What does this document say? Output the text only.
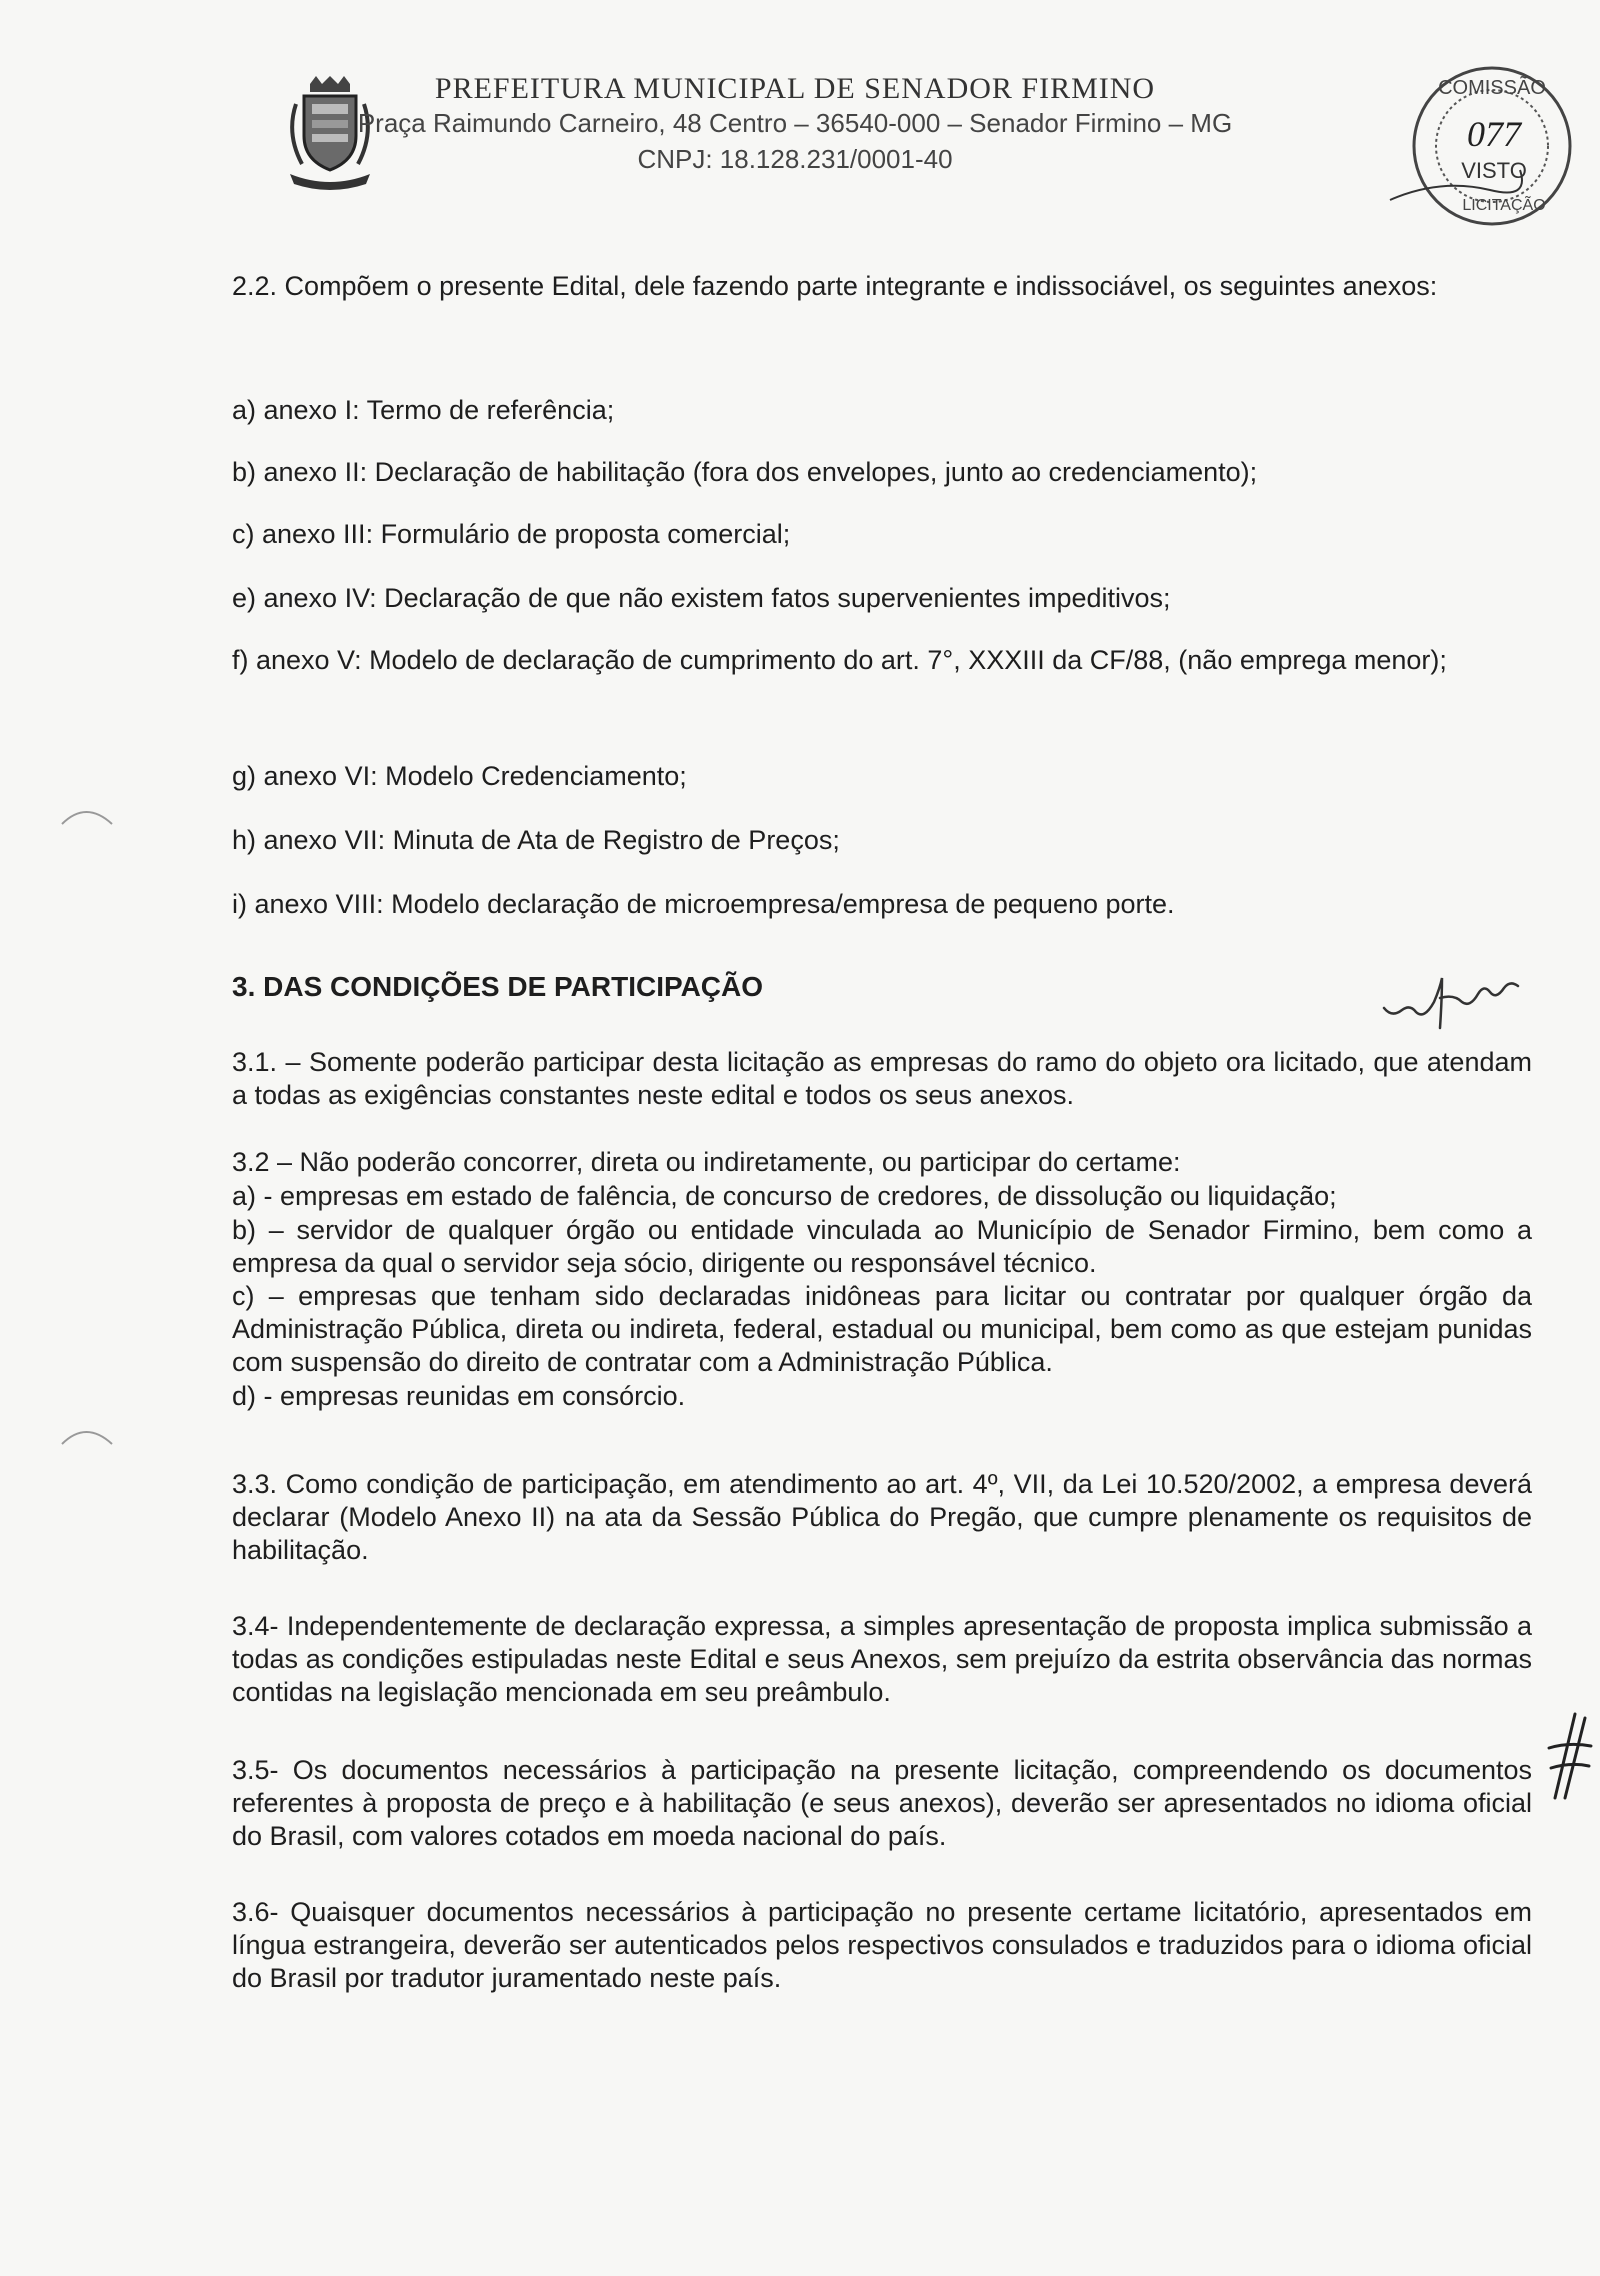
PREFEITURA MUNICIPAL DE SENADOR FIRMINO
Praça Raimundo Carneiro, 48 Centro – 36540-000 – Senador Firmino – MG
CNPJ: 18.128.231/0001-40
COMISSÃO
077
VISTO
LICITAÇÃO
2.2. Compõem o presente Edital, dele fazendo parte integrante e indissociável, os seguintes anexos:
a) anexo I: Termo de referência;
b) anexo II: Declaração de habilitação (fora dos envelopes, junto ao credenciamento);
c) anexo III: Formulário de proposta comercial;
e) anexo IV: Declaração de que não existem fatos supervenientes impeditivos;
f) anexo V: Modelo de declaração de cumprimento do art. 7°, XXXIII da CF/88, (não emprega menor);
g) anexo VI: Modelo Credenciamento;
h) anexo VII: Minuta de Ata de Registro de Preços;
i) anexo VIII: Modelo declaração de microempresa/empresa de pequeno porte.
3. DAS CONDIÇÕES DE PARTICIPAÇÃO
3.1. – Somente poderão participar desta licitação as empresas do ramo do objeto ora licitado, que atendam a todas as exigências constantes neste edital e todos os seus anexos.
3.2 – Não poderão concorrer, direta ou indiretamente, ou participar do certame:
a) - empresas em estado de falência, de concurso de credores, de dissolução ou liquidação;
b) – servidor de qualquer órgão ou entidade vinculada ao Município de Senador Firmino, bem como a empresa da qual o servidor seja sócio, dirigente ou responsável técnico.
c) – empresas que tenham sido declaradas inidôneas para licitar ou contratar por qualquer órgão da Administração Pública, direta ou indireta, federal, estadual ou municipal, bem como as que estejam punidas com suspensão do direito de contratar com a Administração Pública.
d) - empresas reunidas em consórcio.
3.3. Como condição de participação, em atendimento ao art. 4º, VII, da Lei 10.520/2002, a empresa deverá declarar (Modelo Anexo II) na ata da Sessão Pública do Pregão, que cumpre plenamente os requisitos de habilitação.
3.4- Independentemente de declaração expressa, a simples apresentação de proposta implica submissão a todas as condições estipuladas neste Edital e seus Anexos, sem prejuízo da estrita observância das normas contidas na legislação mencionada em seu preâmbulo.
3.5- Os documentos necessários à participação na presente licitação, compreendendo os documentos referentes à proposta de preço e à habilitação (e seus anexos), deverão ser apresentados no idioma oficial do Brasil, com valores cotados em moeda nacional do país.
3.6- Quaisquer documentos necessários à participação no presente certame licitatório, apresentados em língua estrangeira, deverão ser autenticados pelos respectivos consulados e traduzidos para o idioma oficial do Brasil por tradutor juramentado neste país.
